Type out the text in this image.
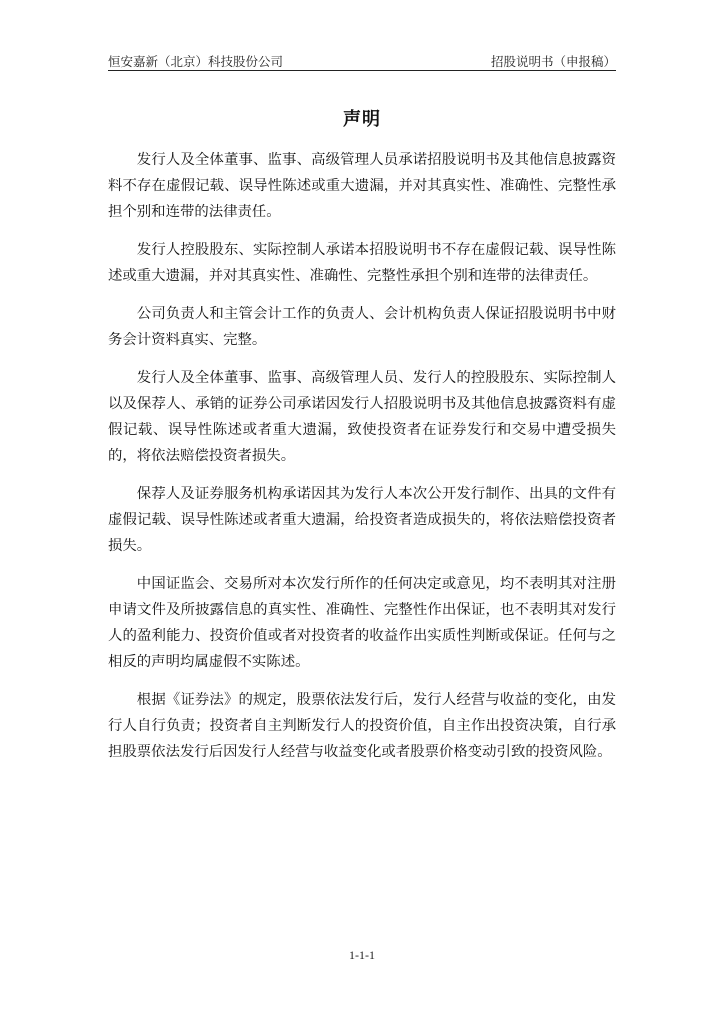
恒安嘉新（北京）科技股份公司	招股说明书（申报稿）
声明

发行人及全体董事、监事、高级管理人员承诺招股说明书及其他信息披露资料不存在虚假记载、误导性陈述或重大遗漏，并对其真实性、准确性、完整性承担个别和连带的法律责任。

发行人控股股东、实际控制人承诺本招股说明书不存在虚假记载、误导性陈述或重大遗漏，并对其真实性、准确性、完整性承担个别和连带的法律责任。

公司负责人和主管会计工作的负责人、会计机构负责人保证招股说明书中财务会计资料真实、完整。

发行人及全体董事、监事、高级管理人员、发行人的控股股东、实际控制人以及保荐人、承销的证券公司承诺因发行人招股说明书及其他信息披露资料有虚假记载、误导性陈述或者重大遗漏，致使投资者在证券发行和交易中遭受损失的，将依法赔偿投资者损失。

保荐人及证券服务机构承诺因其为发行人本次公开发行制作、出具的文件有虚假记载、误导性陈述或者重大遗漏，给投资者造成损失的，将依法赔偿投资者损失。

中国证监会、交易所对本次发行所作的任何决定或意见，均不表明其对注册申请文件及所披露信息的真实性、准确性、完整性作出保证，也不表明其对发行人的盈利能力、投资价值或者对投资者的收益作出实质性判断或保证。任何与之相反的声明均属虚假不实陈述。

根据《证券法》的规定，股票依法发行后，发行人经营与收益的变化，由发行人自行负责；投资者自主判断发行人的投资价值，自主作出投资决策，自行承担股票依法发行后因发行人经营与收益变化或者股票价格变动引致的投资风险。

1-1-1
